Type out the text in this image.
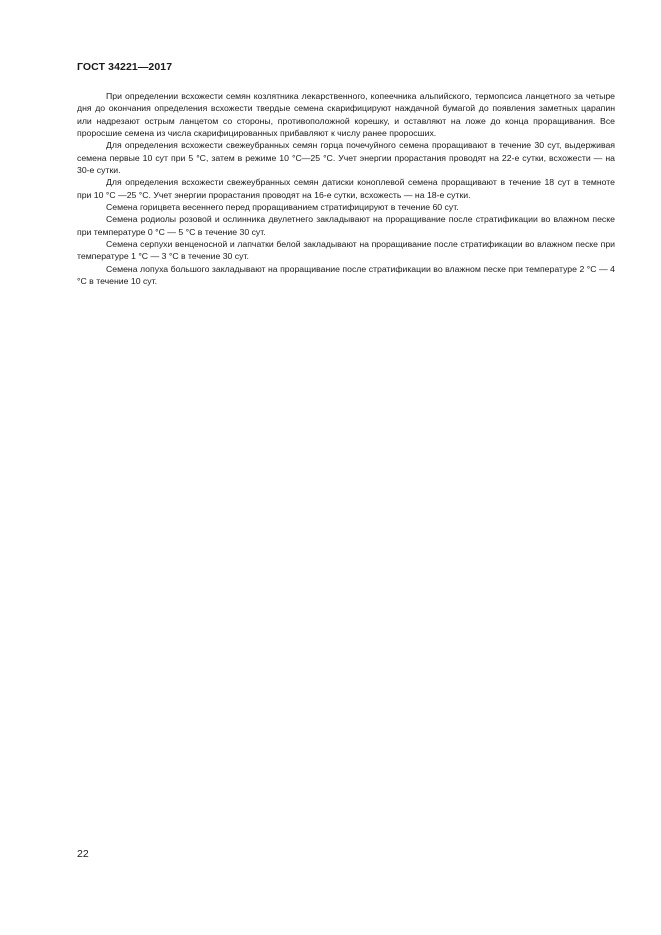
ГОСТ 34221—2017

При определении всхожести семян козлятника лекарственного, копеечника альпийского, термопсиса ланцетного за четыре дня до окончания определения всхожести твердые семена скарифицируют наждачной бумагой до появления заметных царапин или надрезают острым ланцетом со стороны, противоположной корешку, и оставляют на ложе до конца проращивания. Все проросшие семена из числа скарифицированных прибавляют к числу ранее проросших.

Для определения всхожести свежеубранных семян горца почечуйного семена проращивают в течение 30 сут, выдерживая семена первые 10 сут при 5 °С, затем в режиме 10 °С—25 °С. Учет энергии прорастания проводят на 22-е сутки, всхожести — на 30-е сутки.

Для определения всхожести свежеубранных семян датиски коноплевой семена проращивают в течение 18 сут в темноте при 10 °С —25 °С. Учет энергии прорастания проводят на 16-е сутки, всхожесть — на 18-е сутки.

Семена горицвета весеннего перед проращиванием стратифицируют в течение 60 сут.

Семена родиолы розовой и ослинника двулетнего закладывают на проращивание после стратификации во влажном песке при температуре 0 °С — 5 °С в течение 30 сут.

Семена серпухи венценосной и лапчатки белой закладывают на проращивание после стратификации во влажном песке при температуре 1 °С — 3 °С в течение 30 сут.

Семена лопуха большого закладывают на проращивание после стратификации во влажном песке при температуре 2 °С — 4 °С в течение 10 сут.

22
